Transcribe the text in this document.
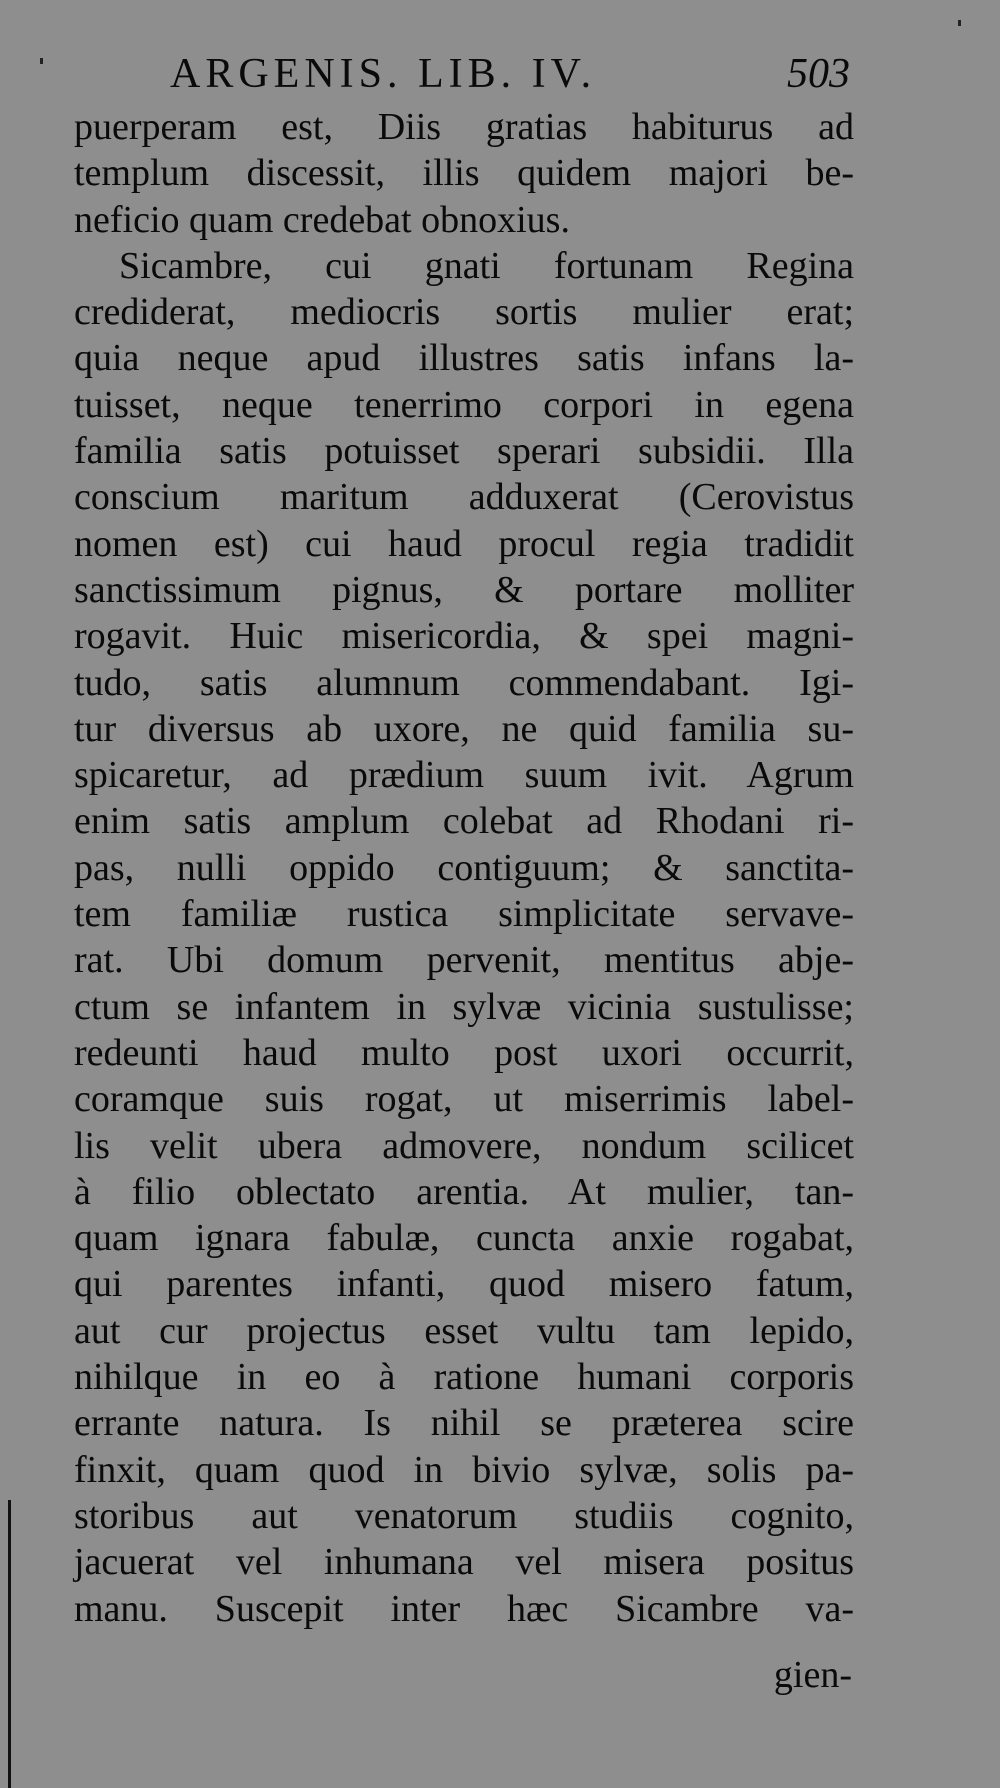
ARGENIS. LIB. IV.	503
puerperam est, Diis gratias habiturus ad
templum discessit, illis quidem majori be-
neficio quam credebat obnoxius.
Sicambre, cui gnati fortunam Regina
crediderat, mediocris sortis mulier erat;
quia neque apud illustres satis infans la-
tuisset, neque tenerrimo corpori in egena
familia satis potuisset sperari subsidii. Illa
conscium maritum adduxerat (Cerovistus
nomen est) cui haud procul regia tradidit
sanctissimum pignus, & portare molliter
rogavit. Huic misericordia, & spei magni-
tudo, satis alumnum commendabant. Igi-
tur diversus ab uxore, ne quid familia su-
spicaretur, ad prædium suum ivit. Agrum
enim satis amplum colebat ad Rhodani ri-
pas, nulli oppido contiguum; & sanctita-
tem familiæ rustica simplicitate servave-
rat. Ubi domum pervenit, mentitus abje-
ctum se infantem in sylvæ vicinia sustulisse;
redeunti haud multo post uxori occurrit,
coramque suis rogat, ut miserrimis label-
lis velit ubera admovere, nondum scilicet
à filio oblectato arentia. At mulier, tan-
quam ignara fabulæ, cuncta anxie rogabat,
qui parentes infanti, quod misero fatum,
aut cur projectus esset vultu tam lepido,
nihilque in eo à ratione humani corporis
errante natura. Is nihil se præterea scire
finxit, quam quod in bivio sylvæ, solis pa-
storibus aut venatorum studiis cognito,
jacuerat vel inhumana vel misera positus
manu. Suscepit inter hæc Sicambre va-
gien-
